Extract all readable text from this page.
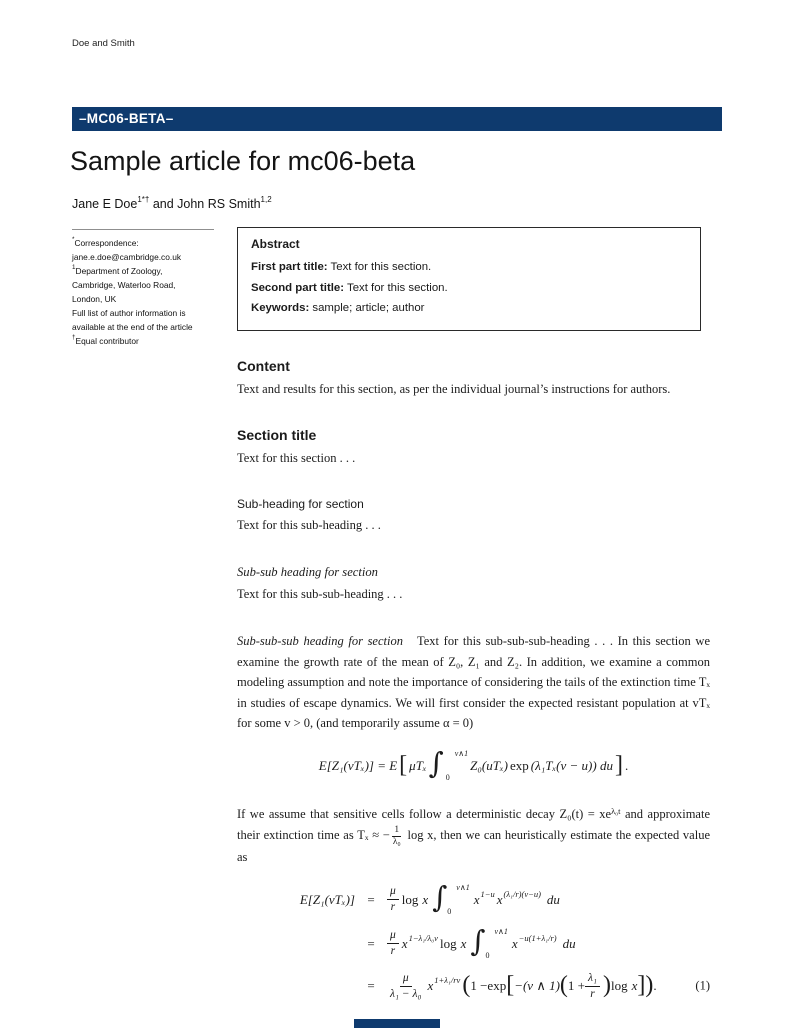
Doe and Smith
–MC06-BETA–
Sample article for mc06-beta
Jane E Doe$^{1*\dagger}$ and John RS Smith$^{1,2}$
*Correspondence:
jane.e.doe@cambridge.co.uk
$^1$Department of Zoology,
Cambridge, Waterloo Road,
London, UK
Full list of author information is
available at the end of the article
†Equal contributor
Abstract
First part title: Text for this section.
Second part title: Text for this section.
Keywords: sample; article; author
Content

Text and results for this section, as per the individual journal’s instructions for authors.

Section title

Text for this section . . .

Sub-heading for section

Text for this sub-heading . . .

Sub-sub heading for section

Text for this sub-sub-heading . . .

Sub-sub-sub heading for section Text for this sub-sub-sub-heading . . . In this section we examine the growth rate of the mean of Z₀, Z₁ and Z₂. In addition, we examine a common modeling assumption and note the importance of considering the tails of the extinction time Tₓ in studies of escape dynamics. We will first consider the expected resistant population at vTₓ for some v > 0, (and temporarily assume α = 0)

E[Z₁(vTₓ)] = E [ μTₓ ∫	v∧1
0
Z₀(uTₓ) exp (λ₁Tₓ(v − u)) du ] .

If we assume that sensitive cells follow a deterministic decay $Z_0(t) = xe^{\lambda_0t}$ and approximate their extinction time as Tₓ ≈ − $\frac{1}{\text{λ₀}}$ log x, then we can heuristically estimate the expected value as

E[Z₁(vTₓ)] =	$\frac{\mu}{r}$ log x ∫	v∧1
0
$x^{1-u}$ $x^{(\lambda_1/r)(v-u)}$ du
=	$\frac{\mu}{r} x^{1-\lambda_1/\lambda_0v}$ log x ∫	v∧1
0
$x^{-u(1+\lambda_1/r)}$ du
=	$\frac{\mu}{\text{λ₁ − λ₀}} x^{1+\lambda_1/rv}$ ( 1 − exp [ −(v ∧ 1) ( $1 + \frac{\text{λ₁}}{r}$ ) log x ] ) .	(1)
